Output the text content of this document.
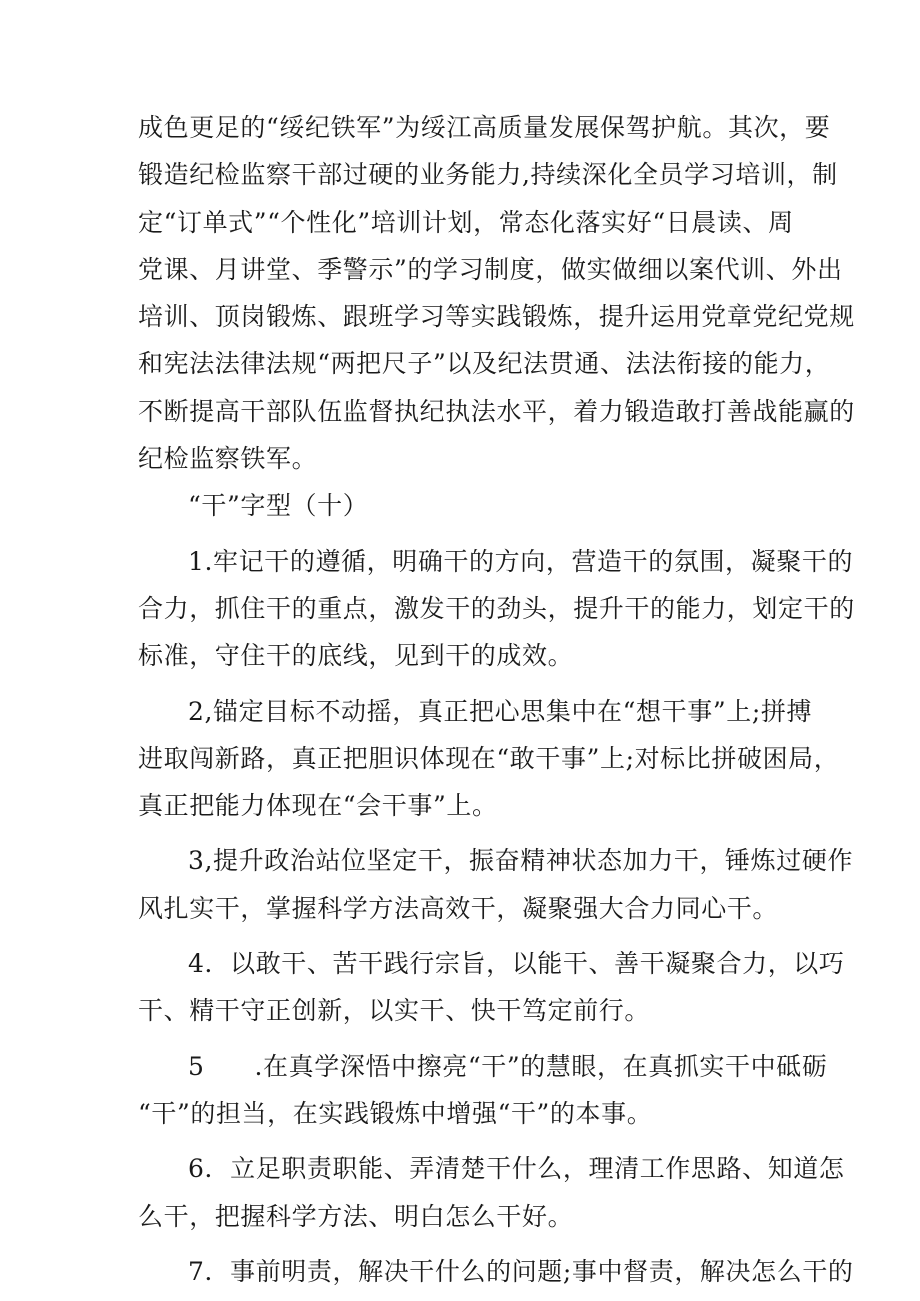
成色更足的“绥纪铁军”为绥江高质量发展保驾护航。其次，要
锻造纪检监察干部过硬的业务能力,持续深化全员学习培训，制
定“订单式”“个性化”培训计划，常态化落实好“日晨读、周
党课、月讲堂、季警示”的学习制度，做实做细以案代训、外出
培训、顶岗锻炼、跟班学习等实践锻炼，提升运用党章党纪党规
和宪法法律法规“两把尺子”以及纪法贯通、法法衔接的能力，
不断提高干部队伍监督执纪执法水平，着力锻造敢打善战能赢的
纪检监察铁军。
“干”字型（十）
1.牢记干的遵循，明确干的方向，营造干的氛围，凝聚干的
合力，抓住干的重点，激发干的劲头，提升干的能力，划定干的
标准，守住干的底线，见到干的成效。
2,锚定目标不动摇，真正把心思集中在“想干事”上;拼搏
进取闯新路，真正把胆识体现在“敢干事”上;对标比拼破困局，
真正把能力体现在“会干事”上。
3,提升政治站位坚定干，振奋精神状态加力干，锤炼过硬作
风扎实干，掌握科学方法高效干，凝聚强大合力同心干。
4．以敢干、苦干践行宗旨，以能干、善干凝聚合力，以巧
干、精干守正创新，以实干、快干笃定前行。
5 .在真学深悟中擦亮“干”的慧眼，在真抓实干中砥砺
“干”的担当，在实践锻炼中增强“干”的本事。
6．立足职责职能、弄清楚干什么，理清工作思路、知道怎
么干，把握科学方法、明白怎么干好。
7．事前明责，解决干什么的问题;事中督责，解决怎么干的
